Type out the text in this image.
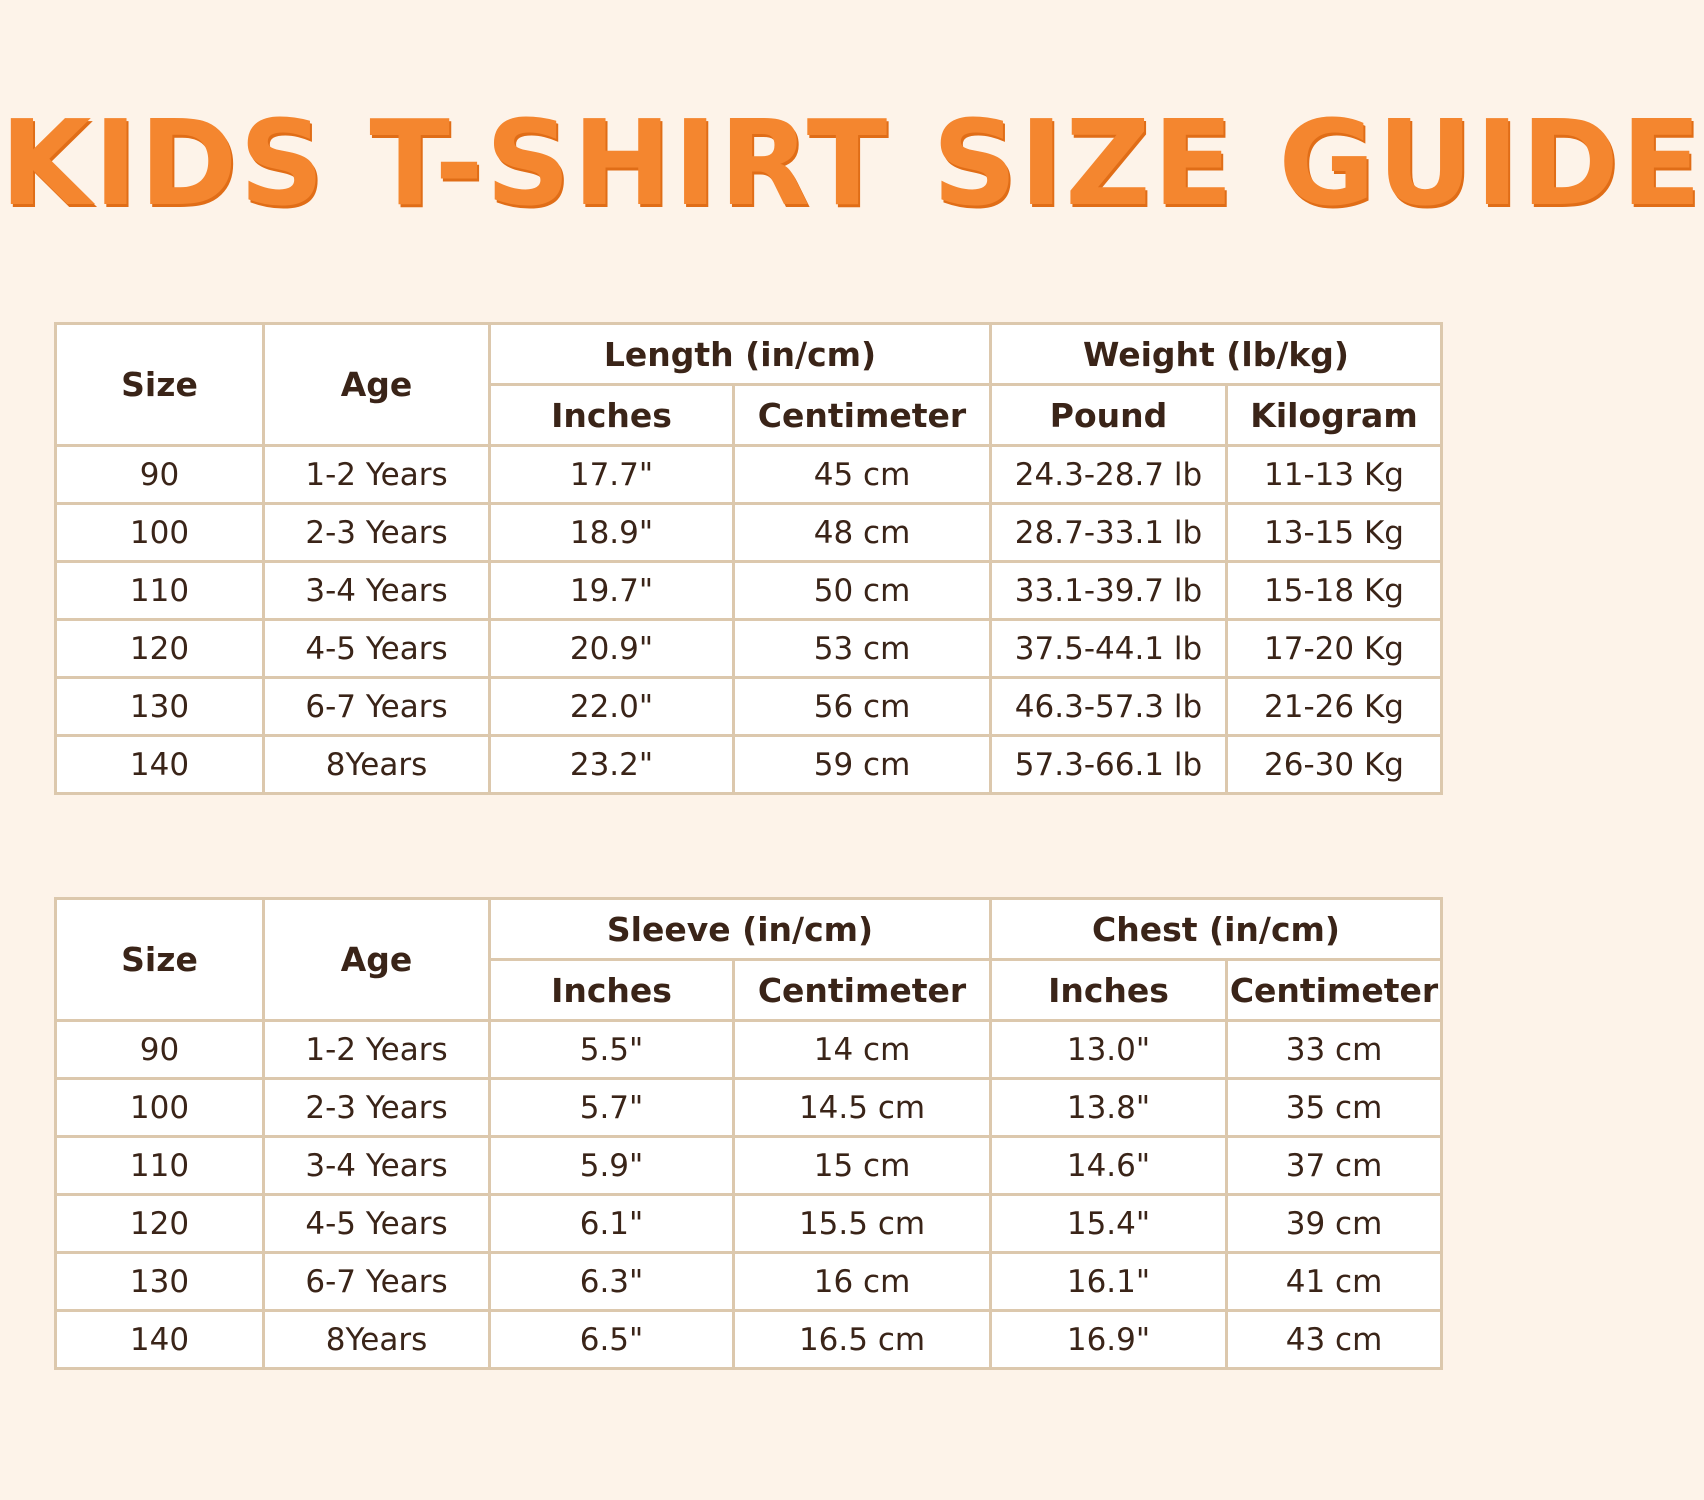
KIDS T-SHIRT SIZE GUIDE
Size	Age	Length (in/cm)		Weight (lb/kg)	
		Inches	Centimeter	Pound	Kilogram
90	1-2 Years	17.7"	45 cm	24.3-28.7 lb	11-13 Kg
100	2-3 Years	18.9"	48 cm	28.7-33.1 lb	13-15 Kg
110	3-4 Years	19.7"	50 cm	33.1-39.7 lb	15-18 Kg
120	4-5 Years	20.9"	53 cm	37.5-44.1 lb	17-20 Kg
130	6-7 Years	22.0"	56 cm	46.3-57.3 lb	21-26 Kg
140	8Years	23.2"	59 cm	57.3-66.1 lb	26-30 Kg
Size	Age	Sleeve (in/cm)		Chest (in/cm)	
		Inches	Centimeter	Inches	Centimeter
90	1-2 Years	5.5"	14 cm	13.0"	33 cm
100	2-3 Years	5.7"	14.5 cm	13.8"	35 cm
110	3-4 Years	5.9"	15 cm	14.6"	37 cm
120	4-5 Years	6.1"	15.5 cm	15.4"	39 cm
130	6-7 Years	6.3"	16 cm	16.1"	41 cm
140	8Years	6.5"	16.5 cm	16.9"	43 cm
